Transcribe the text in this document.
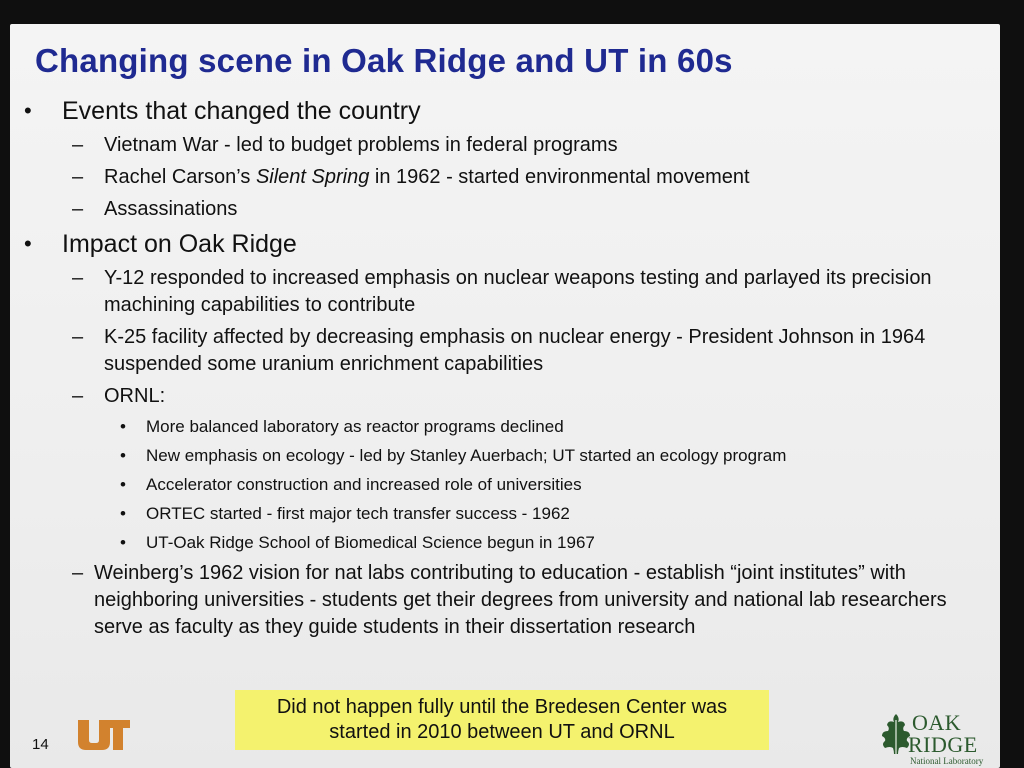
Changing scene in Oak Ridge and UT in 60s
• Events that changed the country
– Vietnam War - led to budget problems in federal programs
– Rachel Carson’s Silent Spring in 1962 - started environmental movement
– Assassinations
• Impact on Oak Ridge
– Y-12 responded to increased emphasis on nuclear weapons testing and parlayed its precision machining capabilities to contribute
– K-25 facility affected by decreasing emphasis on nuclear energy - President Johnson in 1964 suspended some uranium enrichment capabilities
– ORNL:
• More balanced laboratory as reactor programs declined
• New emphasis on ecology - led by Stanley Auerbach; UT started an ecology program
• Accelerator construction and increased role of universities
• ORTEC started - first major tech transfer success - 1962
• UT-Oak Ridge School of Biomedical Science begun in 1967
– Weinberg’s 1962 vision for nat labs contributing to education - establish “joint institutes” with neighboring universities - students get their degrees from university and national lab researchers serve as faculty as they guide students in their dissertation research
Did not happen fully until the Bredesen Center was
started in 2010 between UT and ORNL
14
OAK
RIDGE
National Laboratory
